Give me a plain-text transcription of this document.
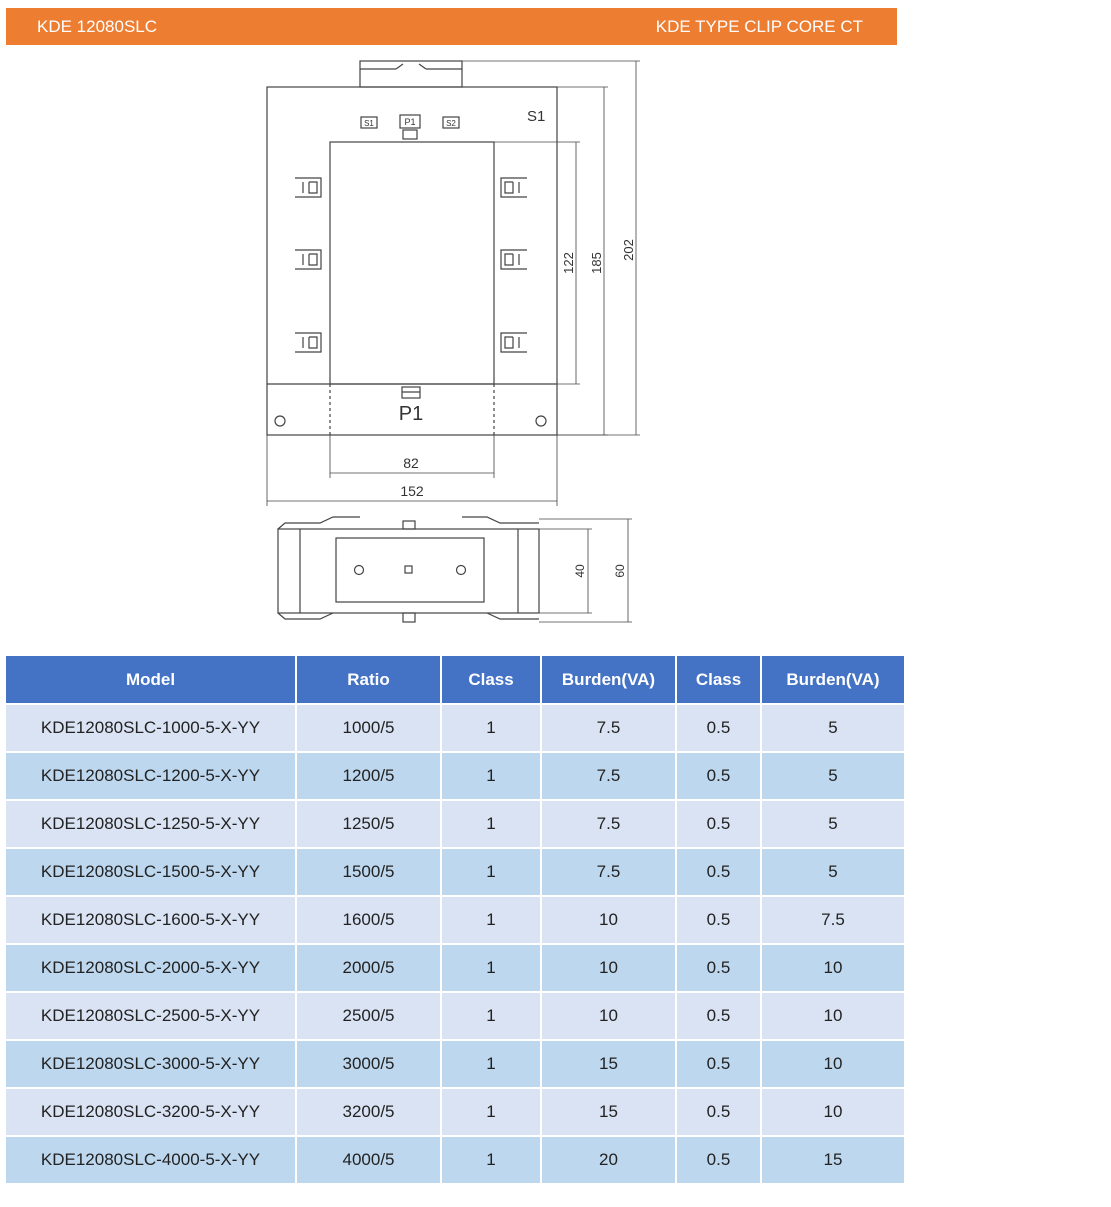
KDE 12080SLC	KDE TYPE CLIP CORE CT
S1	P1	S2	S1
P1
82
152
122 185
202
40 60
Model	Ratio	Class	Burden(VA)	Class	Burden(VA)
KDE12080SLC-1000-5-X-YY	1000/5	1	7.5	0.5	5
KDE12080SLC-1200-5-X-YY	1200/5	1	7.5	0.5	5
KDE12080SLC-1250-5-X-YY	1250/5	1	7.5	0.5	5
KDE12080SLC-1500-5-X-YY	1500/5	1	7.5	0.5	5
KDE12080SLC-1600-5-X-YY	1600/5	1	10	0.5	7.5
KDE12080SLC-2000-5-X-YY	2000/5	1	10	0.5	10
KDE12080SLC-2500-5-X-YY	2500/5	1	10	0.5	10
KDE12080SLC-3000-5-X-YY	3000/5	1	15	0.5	10
KDE12080SLC-3200-5-X-YY	3200/5	1	15	0.5	10
KDE12080SLC-4000-5-X-YY	4000/5	1	20	0.5	15
